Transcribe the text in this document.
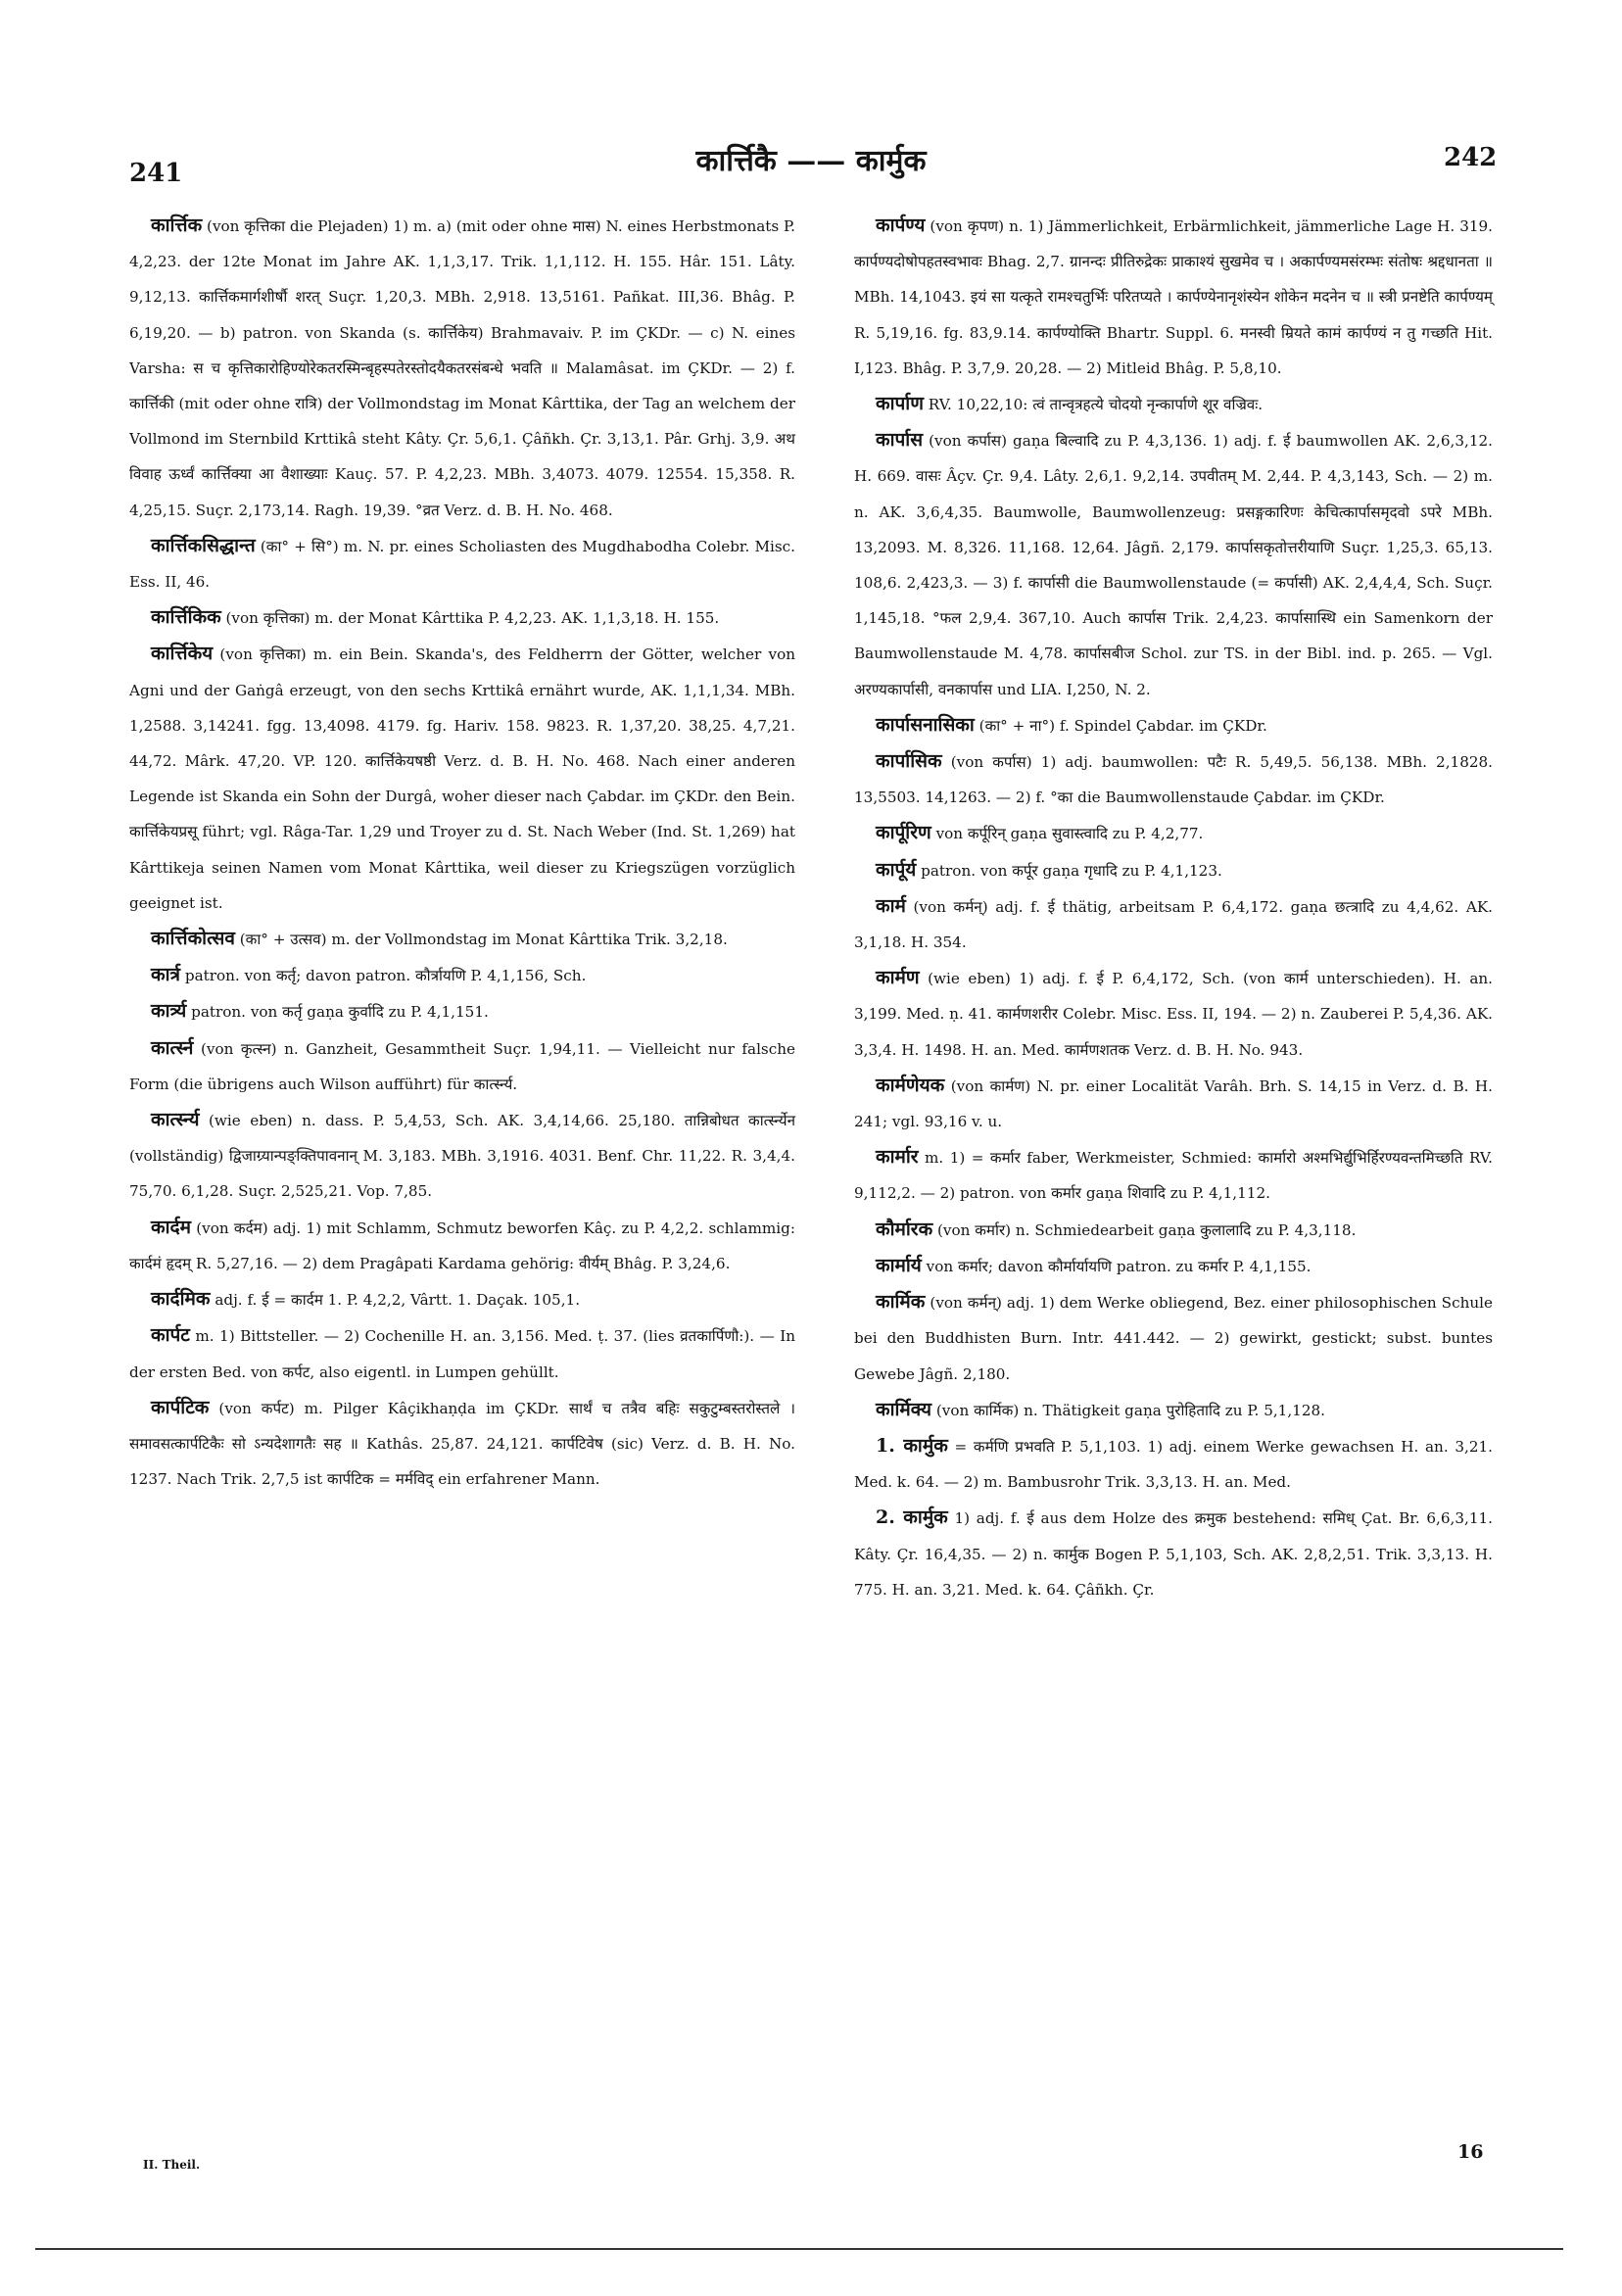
241	कार्त्तिकै —— कार्मुक	242

कार्त्तिक (von कृत्तिका die Plejaden) 1) m. a) (mit oder ohne मास) N. eines Herbstmonats P. 4,2,23. der 12te Monat im Jahre AK. 1,1,3,17. Trik. 1,1,112. H. 155. Hâr. 151. Lâty. 9,12,13. कार्त्तिकमार्गशीर्षौ शरत् Suçr. 1,20,3. MBh. 2,918. 13,5161. Pañkat. III,36. Bhâg. P. 6,19,20. — b) patron. von Skanda (s. कार्त्तिकेय) Brahmavaiv. P. im ÇKDr. — c) N. eines Varsha: स च कृत्तिकारोहिण्योरेकतरस्मिन्बृहस्पतेरस्तोदयैकतरसंबन्धे भवति ॥ Malamâsat. im ÇKDr. — 2) f. कार्त्तिकी (mit oder ohne रात्रि) der Vollmondstag im Monat Kârttika, der Tag an welchem der Vollmond im Sternbild Krttikâ steht Kâty. Çr. 5,6,1. Çâñkh. Çr. 3,13,1. Pâr. Grhj. 3,9. अथ विवाह ऊर्ध्वं कार्त्तिक्या आ वैशाख्याः Kauç. 57. P. 4,2,23. MBh. 3,4073. 4079. 12554. 15,358. R. 4,25,15. Suçr. 2,173,14. Ragh. 19,39. °व्रत Verz. d. B. H. No. 468.

कार्त्तिकसिद्धान्त (का° + सि°) m. N. pr. eines Scholiasten des Mugdhabodha Colebr. Misc. Ess. II, 46.

कार्त्तिकिक (von कृत्तिका) m. der Monat Kârttika P. 4,2,23. AK. 1,1,3,18. H. 155.

कार्त्तिकेय (von कृत्तिका) m. ein Bein. Skanda's, des Feldherrn der Götter, welcher von Agni und der Gaṅgâ erzeugt, von den sechs Krttikâ ernährt wurde, AK. 1,1,1,34. MBh. 1,2588. 3,14241. fgg. 13,4098. 4179. fg. Hariv. 158. 9823. R. 1,37,20. 38,25. 4,7,21. 44,72. Mârk. 47,20. VP. 120. कार्त्तिकेयषष्ठी Verz. d. B. H. No. 468. Nach einer anderen Legende ist Skanda ein Sohn der Durgâ, woher dieser nach Çabdar. im ÇKDr. den Bein. कार्त्तिकेयप्रसू führt; vgl. Râga-Tar. 1,29 und Troyer zu d. St. Nach Weber (Ind. St. 1,269) hat Kârttikeja seinen Namen vom Monat Kârttika, weil dieser zu Kriegszügen vorzüglich geeignet ist.

कार्त्तिकोत्सव (का° + उत्सव) m. der Vollmondstag im Monat Kârttika Trik. 3,2,18.

कार्त्र patron. von कर्तृ; davon patron. कौर्त्रायणि P. 4,1,156, Sch.

कार्त्र्य patron. von कर्तृ gaṇa कुर्वादि zu P. 4,1,151.

कार्त्स्न (von कृत्स्न) n. Ganzheit, Gesammtheit Suçr. 1,94,11. — Vielleicht nur falsche Form (die übrigens auch Wilson aufführt) für कार्त्स्न्य.

कार्त्स्न्य (wie eben) n. dass. P. 5,4,53, Sch. AK. 3,4,14,66. 25,180. तान्निबोधत कार्त्स्न्येन (vollständig) द्विजाग्र्यान्पङ्क्तिपावनान् M. 3,183. MBh. 3,1916. 4031. Benf. Chr. 11,22. R. 3,4,4. 75,70. 6,1,28. Suçr. 2,525,21. Vop. 7,85.

कार्दम (von कर्दम) adj. 1) mit Schlamm, Schmutz beworfen Kâç. zu P. 4,2,2. schlammig: कार्दमं हृदम् R. 5,27,16. — 2) dem Pragâpati Kardama gehörig: वीर्यम् Bhâg. P. 3,24,6.

कार्दमिक adj. f. ई = कार्दम 1. P. 4,2,2, Vârtt. 1. Daçak. 105,1.

कार्पट m. 1) Bittsteller. — 2) Cochenille H. an. 3,156. Med. ṭ. 37. (lies व्रतकार्पिणौ:). — In der ersten Bed. von कर्पट, also eigentl. in Lumpen gehüllt.

कार्पटिक (von कर्पट) m. Pilger Kâçikhaṇḍa im ÇKDr. सार्थं च तत्रैव बहिः सकुटुम्बस्तरोस्तले । समावसत्कार्पटिकैः सो ऽन्यदेशागतैः सह ॥ Kathâs. 25,87. 24,121. कार्पटिवेष (sic) Verz. d. B. H. No. 1237. Nach Trik. 2,7,5 ist कार्पटिक = मर्मविद् ein erfahrener Mann.

कार्पण्य (von कृपण) n. 1) Jämmerlichkeit, Erbärmlichkeit, jämmerliche Lage H. 319. कार्पण्यदोषोपहतस्वभावः Bhag. 2,7. ग्रानन्दः प्रीतिरुद्रेकः प्राकाश्यं सुखमेव च । अकार्पण्यमसंरम्भः संतोषः श्रद्दधानता ॥ MBh. 14,1043. इयं सा यत्कृते रामश्चतुर्भिः परितप्यते । कार्पण्येनानृशंस्येन शोकेन मदनेन च ॥ स्त्री प्रनष्टेति कार्पण्यम् R. 5,19,16. fg. 83,9.14. कार्पण्योक्ति Bhartr. Suppl. 6. मनस्वी म्रियते कामं कार्पण्यं न तु गच्छति Hit. I,123. Bhâg. P. 3,7,9. 20,28. — 2) Mitleid Bhâg. P. 5,8,10.

कार्पाण RV. 10,22,10: त्वं तान्वृत्रहत्ये चोदयो नृन्कार्पाणे शूर वज्रिवः.

कार्पास (von कर्पास) gaṇa बिल्वादि zu P. 4,3,136. 1) adj. f. ई baumwollen AK. 2,6,3,12. H. 669. वासः Âçv. Çr. 9,4. Lâty. 2,6,1. 9,2,14. उपवीतम् M. 2,44. P. 4,3,143, Sch. — 2) m. n. AK. 3,6,4,35. Baumwolle, Baumwollenzeug: प्रसङ्गकारिणः केचित्कार्पासमृदवो ऽपरे MBh. 13,2093. M. 8,326. 11,168. 12,64. Jâgñ. 2,179. कार्पासकृतोत्तरीयाणि Suçr. 1,25,3. 65,13. 108,6. 2,423,3. — 3) f. कार्पासी die Baumwollenstaude (= कर्पासी) AK. 2,4,4,4, Sch. Suçr. 1,145,18. °फल 2,9,4. 367,10. Auch कार्पास Trik. 2,4,23. कार्पासास्थि ein Samenkorn der Baumwollenstaude M. 4,78. कार्पासबीज Schol. zur TS. in der Bibl. ind. p. 265. — Vgl. अरण्यकार्पासी, वनकार्पास und LIA. I,250, N. 2.

कार्पासनासिका (का° + ना°) f. Spindel Çabdar. im ÇKDr.

कार्पासिक (von कर्पास) 1) adj. baumwollen: पटैः R. 5,49,5. 56,138. MBh. 2,1828. 13,5503. 14,1263. — 2) f. °का die Baumwollenstaude Çabdar. im ÇKDr.

कार्पूरिण von कर्पूरिन् gaṇa सुवास्त्वादि zu P. 4,2,77.

कार्पूर्य patron. von कर्पूर gaṇa गृधादि zu P. 4,1,123.

कार्म (von कर्मन्) adj. f. ई thätig, arbeitsam P. 6,4,172. gaṇa छत्त्रादि zu 4,4,62. AK. 3,1,18. H. 354.

कार्मण (wie eben) 1) adj. f. ई P. 6,4,172, Sch. (von कार्म unterschieden). H. an. 3,199. Med. ṇ. 41. कार्मणशरीर Colebr. Misc. Ess. II, 194. — 2) n. Zauberei P. 5,4,36. AK. 3,3,4. H. 1498. H. an. Med. कार्मणशतक Verz. d. B. H. No. 943.

कार्मणेयक (von कार्मण) N. pr. einer Localität Varâh. Brh. S. 14,15 in Verz. d. B. H. 241; vgl. 93,16 v. u.

कार्मार m. 1) = कर्मार faber, Werkmeister, Schmied: कार्मारो अश्मभिर्द्युभिर्हिरण्यवन्तमिच्छति RV. 9,112,2. — 2) patron. von कर्मार gaṇa शिवादि zu P. 4,1,112.

कौर्मारक (von कर्मार) n. Schmiedearbeit gaṇa कुलालादि zu P. 4,3,118.

कार्मार्य von कर्मार; davon कौर्मार्यायणि patron. zu कर्मार P. 4,1,155.

कार्मिक (von कर्मन्) adj. 1) dem Werke obliegend, Bez. einer philosophischen Schule bei den Buddhisten Burn. Intr. 441.442. — 2) gewirkt, gestickt; subst. buntes Gewebe Jâgñ. 2,180.

कार्मिक्य (von कार्मिक) n. Thätigkeit gaṇa पुरोहितादि zu P. 5,1,128.

1. कार्मुक = कर्मणि प्रभवति P. 5,1,103. 1) adj. einem Werke gewachsen H. an. 3,21. Med. k. 64. — 2) m. Bambusrohr Trik. 3,3,13. H. an. Med.

2. कार्मुक 1) adj. f. ई aus dem Holze des क्रमुक bestehend: समिध् Çat. Br. 6,6,3,11. Kâty. Çr. 16,4,35. — 2) n. कार्मुक Bogen P. 5,1,103, Sch. AK. 2,8,2,51. Trik. 3,3,13. H. 775. H. an. 3,21. Med. k. 64. Çâñkh. Çr.

II. Theil.
16
